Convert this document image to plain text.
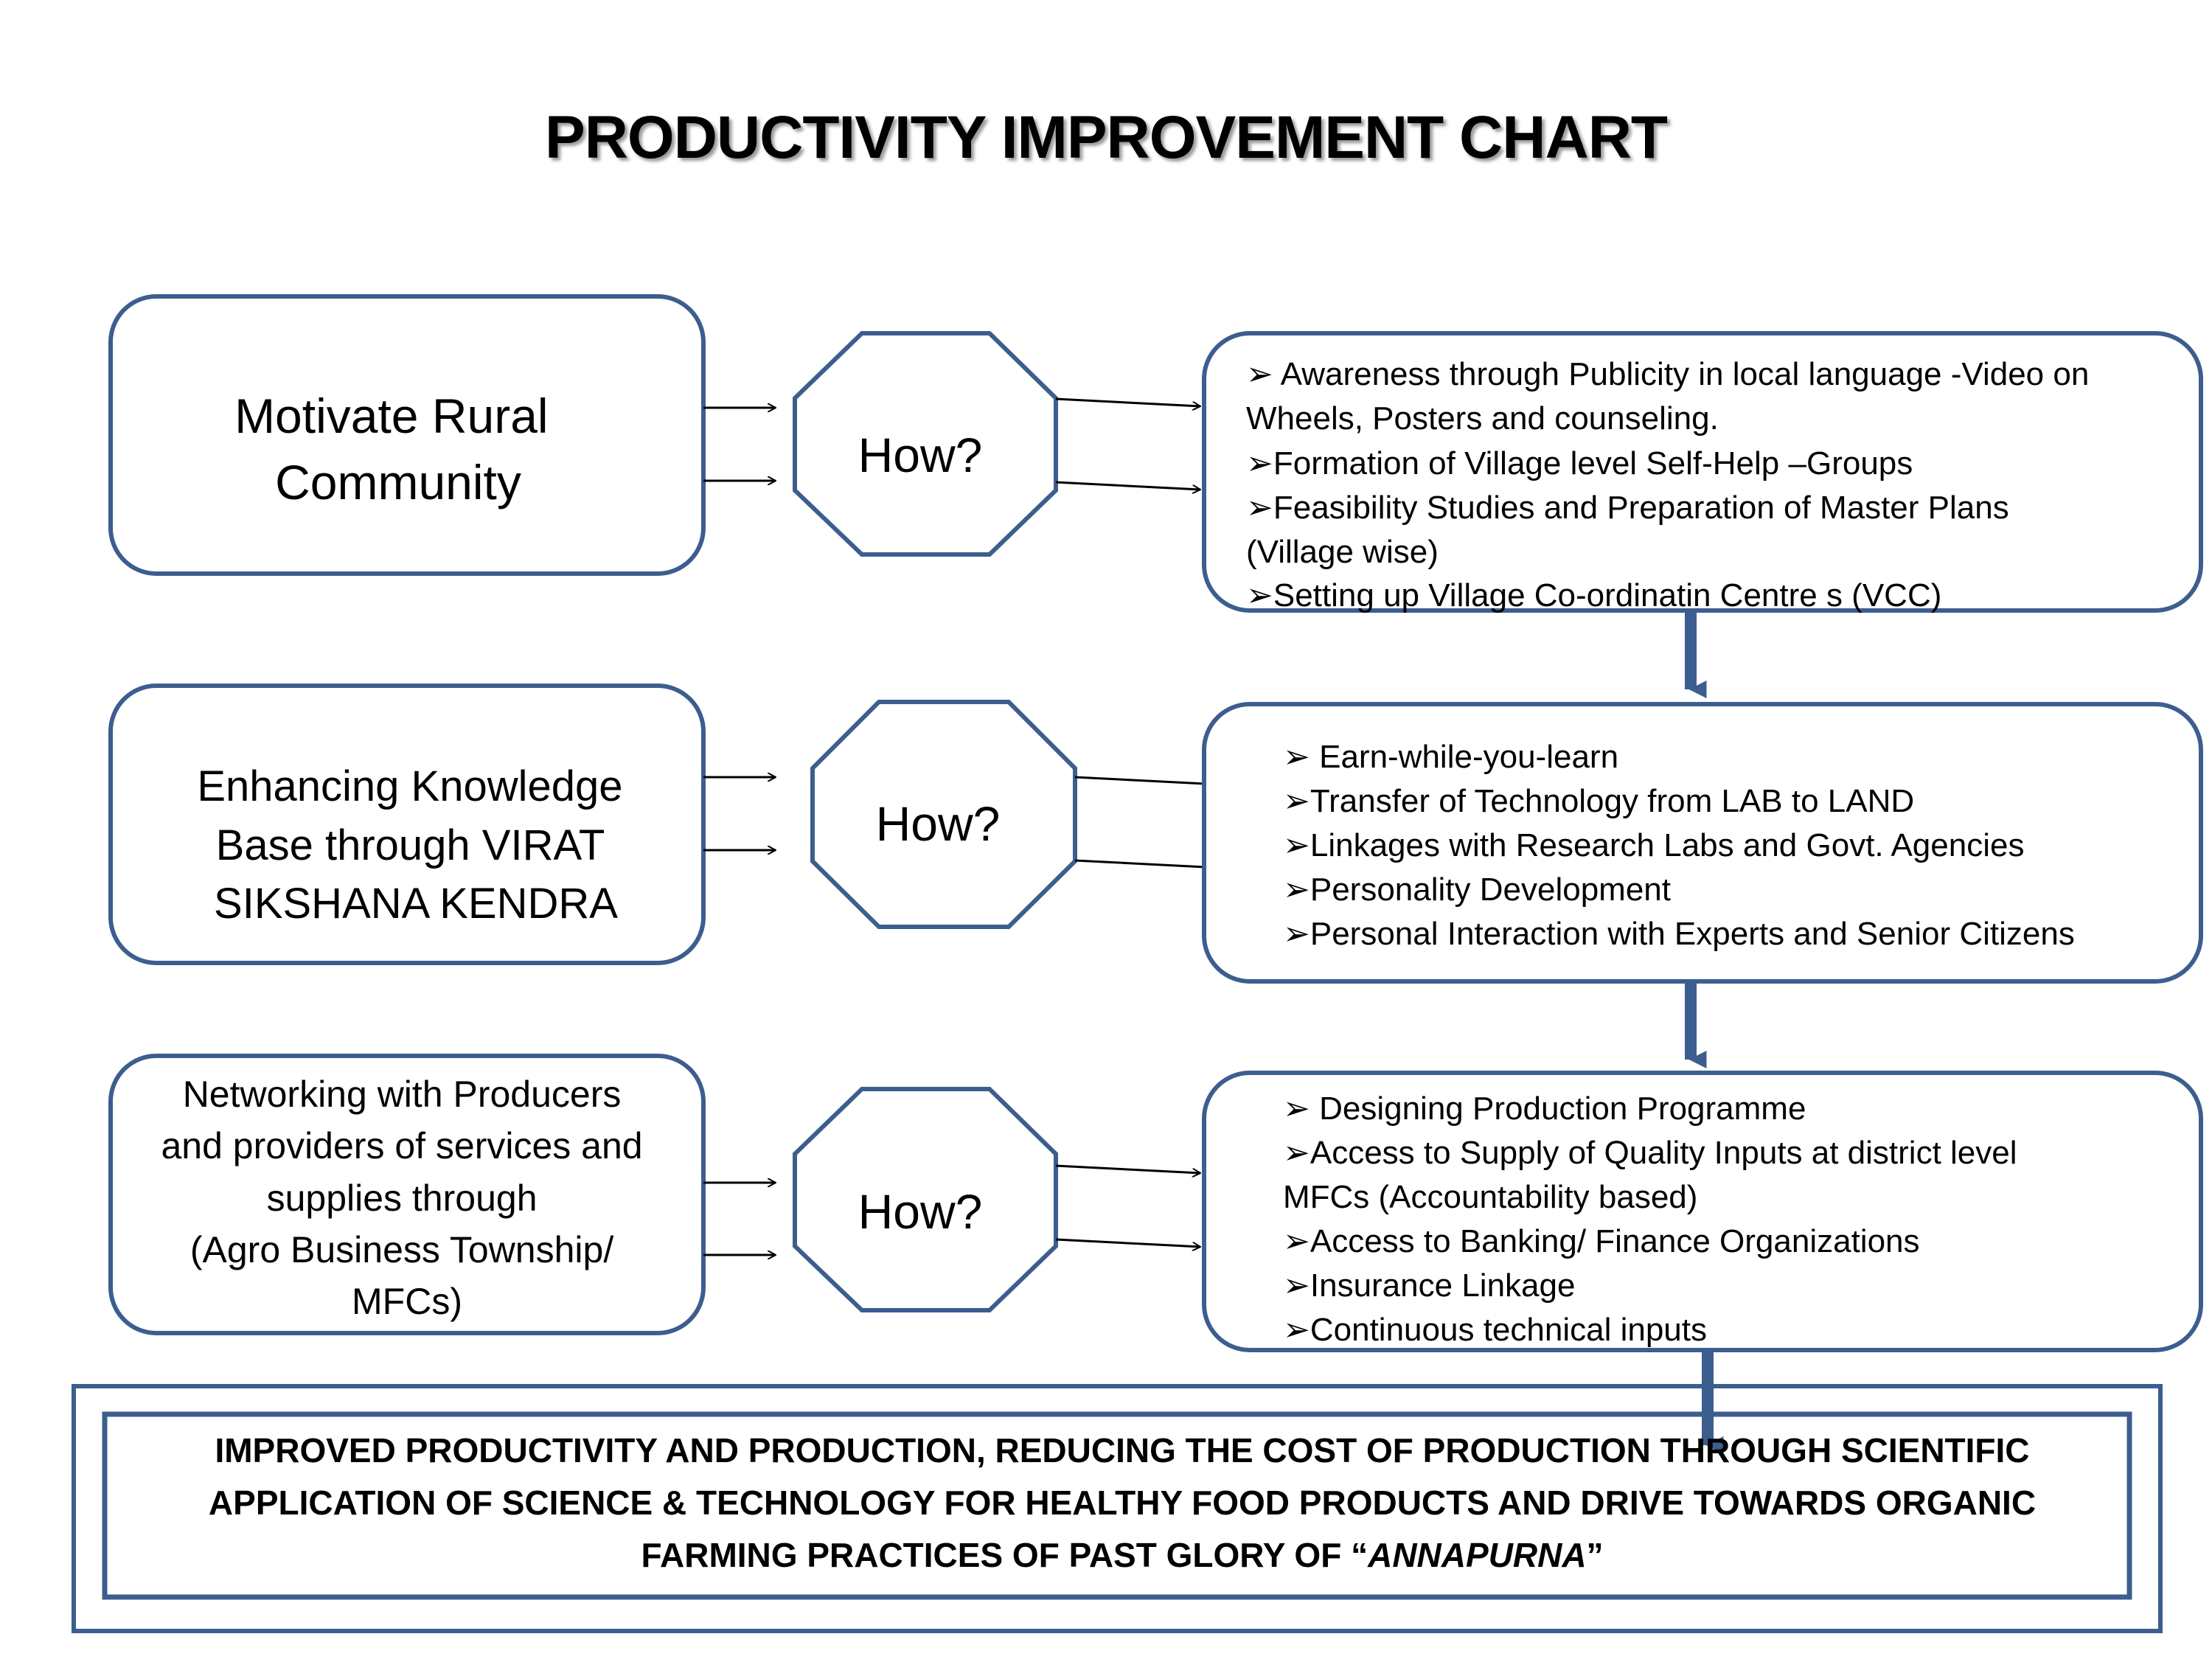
PRODUCTIVITY IMPROVEMENT CHART
Motivate Rural Community	How?
➢ Awareness through Publicity in local language -Video on Wheels, Posters and counseling. ➢Formation of Village level Self-Help –Groups ➢Feasibility Studies and Preparation of Master Plans (Village wise) ➢Setting up Village Co-ordinatin Centre s (VCC)
Enhancing Knowledge Base through VIRAT SIKSHANA KENDRA
How?
➢ Earn-while-you-learn ➢Transfer of Technology from LAB to LAND ➢Linkages with Research Labs and Govt. Agencies ➢Personality Development ➢Personal Interaction with Experts and Senior Citizens
Networking with Producers and providers of services and supplies through (Agro Business Township/ MFCs)
How?
➢ Designing Production Programme ➢Access to Supply of Quality Inputs at district level MFCs (Accountability based) ➢Access to Banking/ Finance Organizations ➢Insurance Linkage ➢Continuous technical inputs
IMPROVED PRODUCTIVITY AND PRODUCTION, REDUCING THE COST OF PRODUCTION THROUGH SCIENTIFIC
APPLICATION OF SCIENCE & TECHNOLOGY FOR HEALTHY FOOD PRODUCTS AND DRIVE TOWARDS ORGANIC
FARMING PRACTICES OF PAST GLORY OF “ANNAPURNA”
